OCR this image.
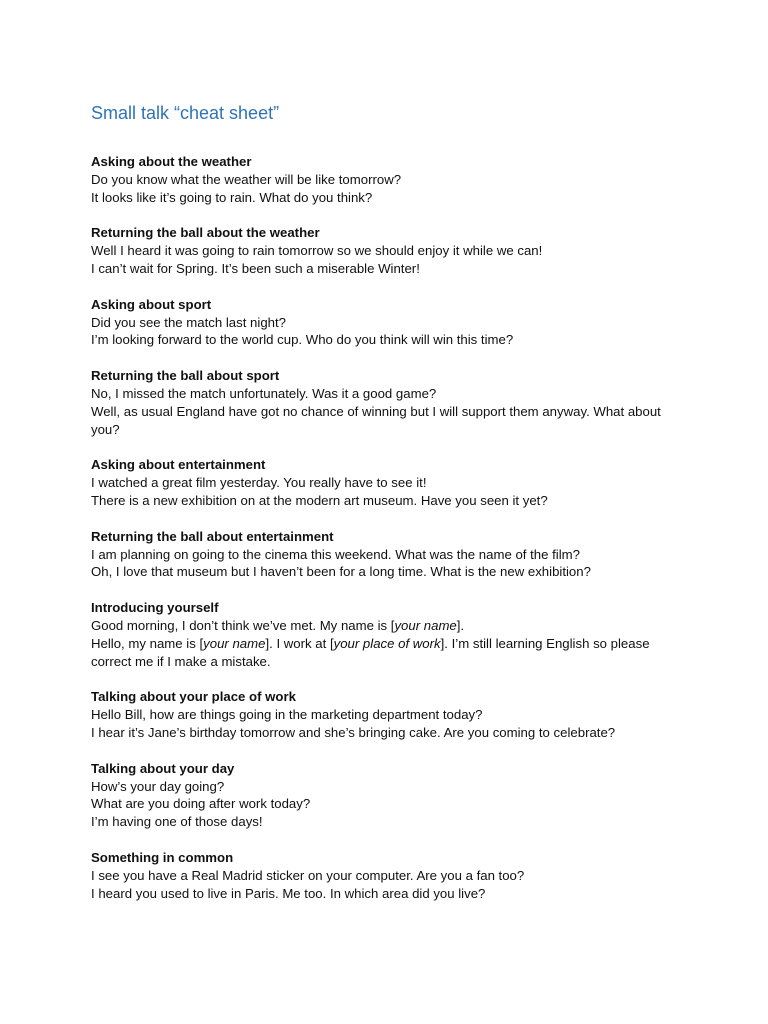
Small talk “cheat sheet”
Asking about the weather
Do you know what the weather will be like tomorrow?
It looks like it’s going to rain. What do you think?
Returning the ball about the weather
Well I heard it was going to rain tomorrow so we should enjoy it while we can!
I can’t wait for Spring. It’s been such a miserable Winter!
Asking about sport
Did you see the match last night?
I’m looking forward to the world cup. Who do you think will win this time?
Returning the ball about sport
No, I missed the match unfortunately. Was it a good game?
Well, as usual England have got no chance of winning but I will support them anyway. What about you?
Asking about entertainment
I watched a great film yesterday. You really have to see it!
There is a new exhibition on at the modern art museum. Have you seen it yet?
Returning the ball about entertainment
I am planning on going to the cinema this weekend. What was the name of the film?
Oh, I love that museum but I haven’t been for a long time. What is the new exhibition?
Introducing yourself
Good morning, I don’t think we’ve met. My name is [your name].
Hello, my name is [your name]. I work at [your place of work]. I’m still learning English so please correct me if I make a mistake.
Talking about your place of work
Hello Bill, how are things going in the marketing department today?
I hear it’s Jane’s birthday tomorrow and she’s bringing cake. Are you coming to celebrate?
Talking about your day
How’s your day going?
What are you doing after work today?
I’m having one of those days!
Something in common
I see you have a Real Madrid sticker on your computer. Are you a fan too?
I heard you used to live in Paris. Me too. In which area did you live?
